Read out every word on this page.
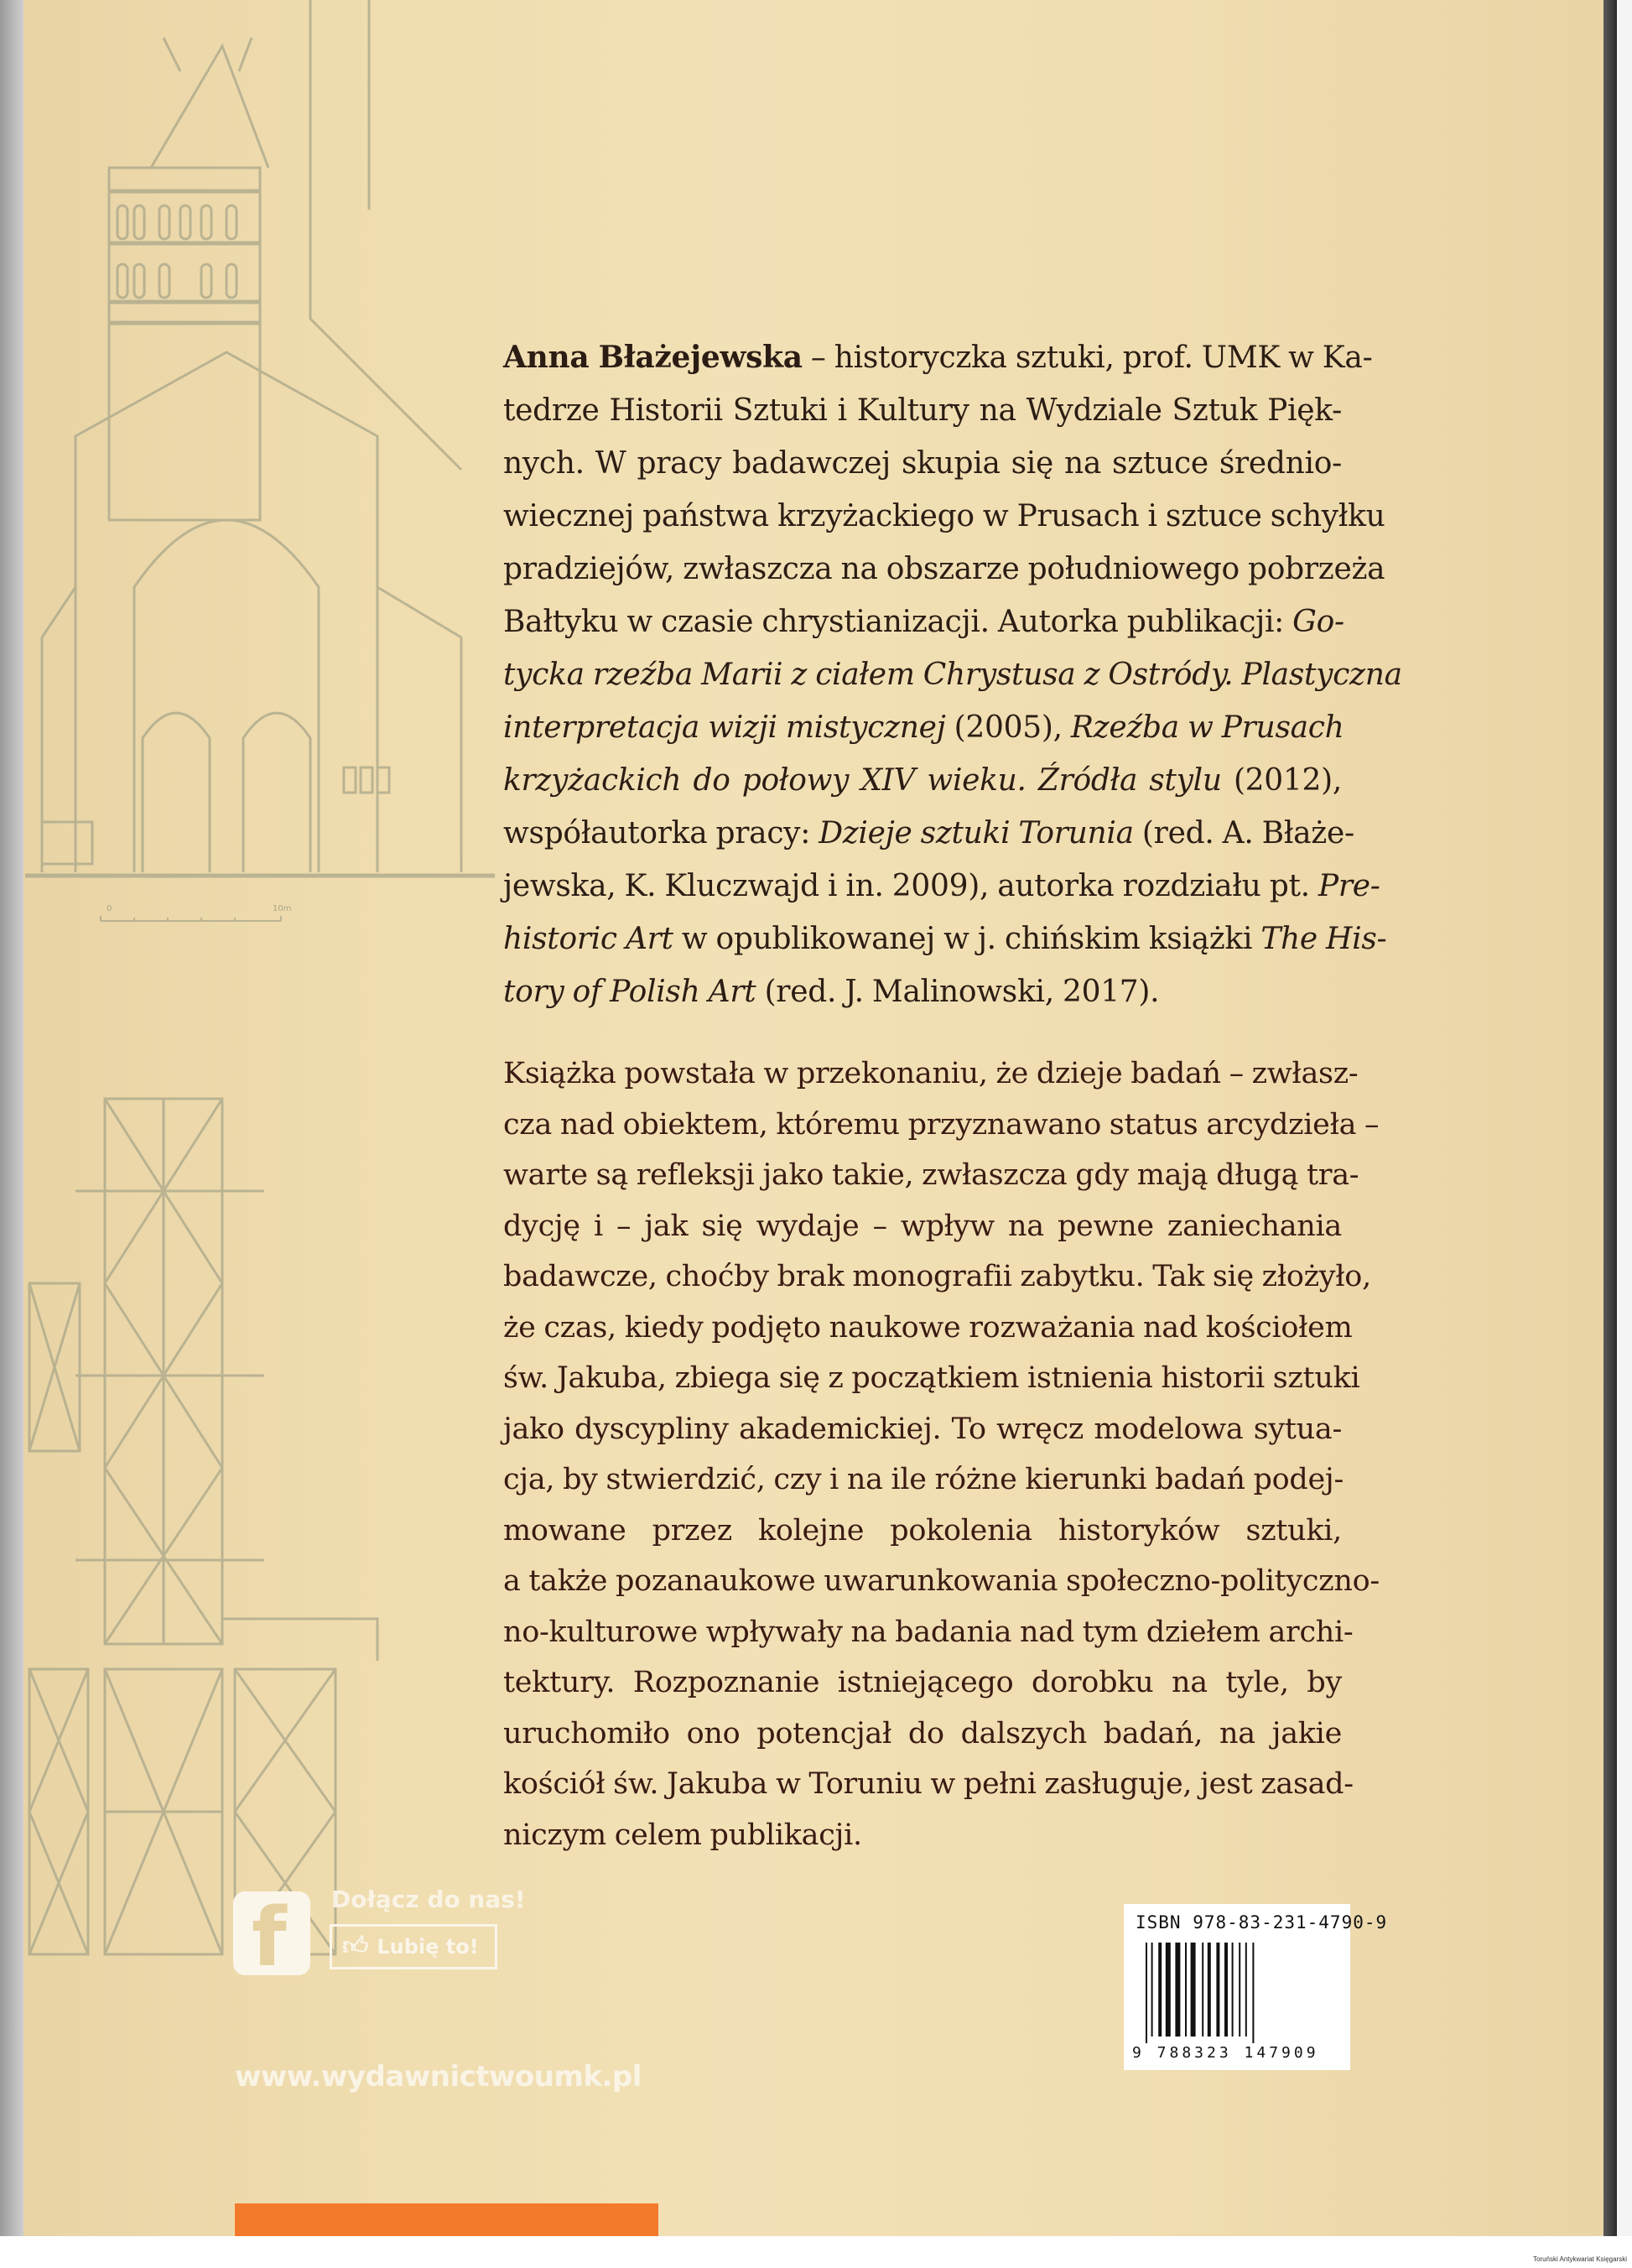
0	10m
Anna Błażejewska – historyczka sztuki, prof. UMK w Ka-
tedrze Historii Sztuki i Kultury na Wydziale Sztuk Pięk-
nych. W pracy badawczej skupia się na sztuce średnio-
wiecznej państwa krzyżackiego w Prusach i sztuce schyłku
pradziejów, zwłaszcza na obszarze południowego pobrzeża
Bałtyku w czasie chrystianizacji. Autorka publikacji: Go-
tycka rzeźba Marii z ciałem Chrystusa z Ostródy. Plastyczna
interpretacja wizji mistycznej (2005), Rzeźba w Prusach
krzyżackich do połowy XIV wieku. Źródła stylu (2012),
współautorka pracy: Dzieje sztuki Torunia (red. A. Błaże-
jewska, K. Kluczwajd i in. 2009), autorka rozdziału pt. Pre-
historic Art w opublikowanej w j. chińskim książki The His-
tory of Polish Art (red. J. Malinowski, 2017).
Książka powstała w przekonaniu, że dzieje badań – zwłasz-
cza nad obiektem, któremu przyznawano status arcydzieła –
warte są refleksji jako takie, zwłaszcza gdy mają długą tra-
dycję i – jak się wydaje – wpływ na pewne zaniechania
badawcze, choćby brak monografii zabytku. Tak się złożyło,
że czas, kiedy podjęto naukowe rozważania nad kościołem
św. Jakuba, zbiega się z początkiem istnienia historii sztuki
jako dyscypliny akademickiej. To wręcz modelowa sytua-
cja, by stwierdzić, czy i na ile różne kierunki badań podej-
mowane przez kolejne pokolenia historyków sztuki,
a także pozanaukowe uwarunkowania społeczno-polityczno-
no-kulturowe wpływały na badania nad tym dziełem archi-
tektury. Rozpoznanie istniejącego dorobku na tyle, by
uruchomiło ono potencjał do dalszych badań, na jakie
kościół św. Jakuba w Toruniu w pełni zasługuje, jest zasad-
niczym celem publikacji.
f	Dołącz do nas!
👍︎ Lubię to!
www.wydawnictwoumk.pl
ISBN 978-83-231-4790-9
9 788323 147909
Toruński Antykwariat Księgarski
